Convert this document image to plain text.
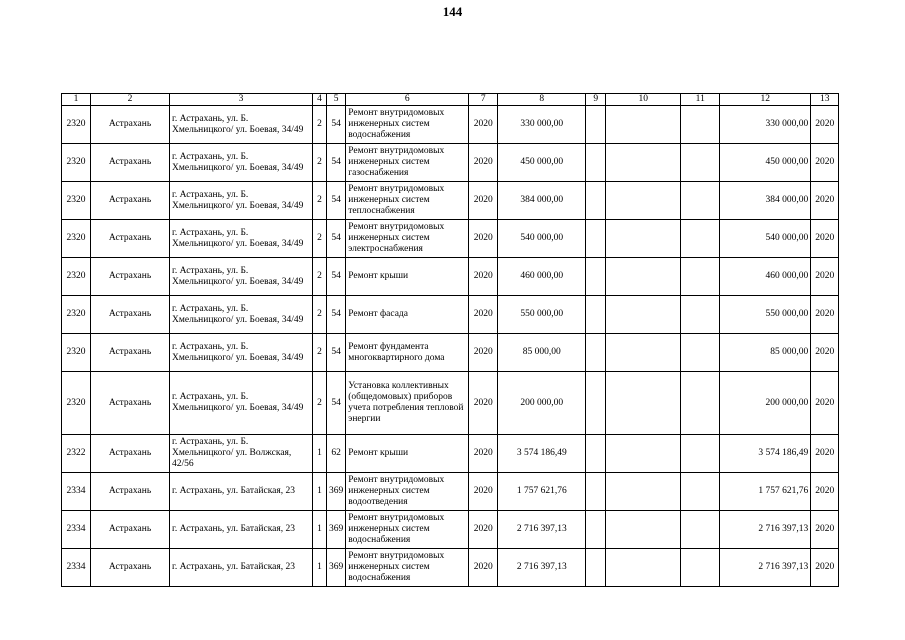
144
1	2	3	4	5	6	7	8	9	10	11	12	13
2320	Астрахань	г. Астрахань, ул. Б. Хмельницкого/ ул. Боевая, 34/49	2	54	Ремонт внутридомовых инженерных систем водоснабжения	2020	330 000,00				330 000,00	2020
2320	Астрахань	г. Астрахань, ул. Б. Хмельницкого/ ул. Боевая, 34/49	2	54	Ремонт внутридомовых инженерных систем газоснабжения	2020	450 000,00				450 000,00	2020
2320	Астрахань	г. Астрахань, ул. Б. Хмельницкого/ ул. Боевая, 34/49	2	54	Ремонт внутридомовых инженерных систем теплоснабжения	2020	384 000,00				384 000,00	2020
2320	Астрахань	г. Астрахань, ул. Б. Хмельницкого/ ул. Боевая, 34/49	2	54	Ремонт внутридомовых инженерных систем электроснабжения	2020	540 000,00				540 000,00	2020
2320	Астрахань	г. Астрахань, ул. Б. Хмельницкого/ ул. Боевая, 34/49	2	54	Ремонт крыши	2020	460 000,00				460 000,00	2020
2320	Астрахань	г. Астрахань, ул. Б. Хмельницкого/ ул. Боевая, 34/49	2	54	Ремонт фасада	2020	550 000,00				550 000,00	2020
2320	Астрахань	г. Астрахань, ул. Б. Хмельницкого/ ул. Боевая, 34/49	2	54	Ремонт фундамента многоквартирного дома	2020	85 000,00				85 000,00	2020
2320	Астрахань	г. Астрахань, ул. Б. Хмельницкого/ ул. Боевая, 34/49	2	54	Установка коллективных (общедомовых) приборов учета потребления тепловой энергии	2020	200 000,00				200 000,00	2020
2322	Астрахань	г. Астрахань, ул. Б. Хмельницкого/ ул. Волжская, 42/56	1	62	Ремонт крыши	2020	3 574 186,49				3 574 186,49	2020
2334	Астрахань	г. Астрахань, ул. Батайская, 23	1	369	Ремонт внутридомовых инженерных систем водоотведения	2020	1 757 621,76				1 757 621,76	2020
2334	Астрахань	г. Астрахань, ул. Батайская, 23	1	369	Ремонт внутридомовых инженерных систем водоснабжения	2020	2 716 397,13				2 716 397,13	2020
2334	Астрахань	г. Астрахань, ул. Батайская, 23	1	369	Ремонт внутридомовых инженерных систем водоснабжения	2020	2 716 397,13				2 716 397,13	2020
